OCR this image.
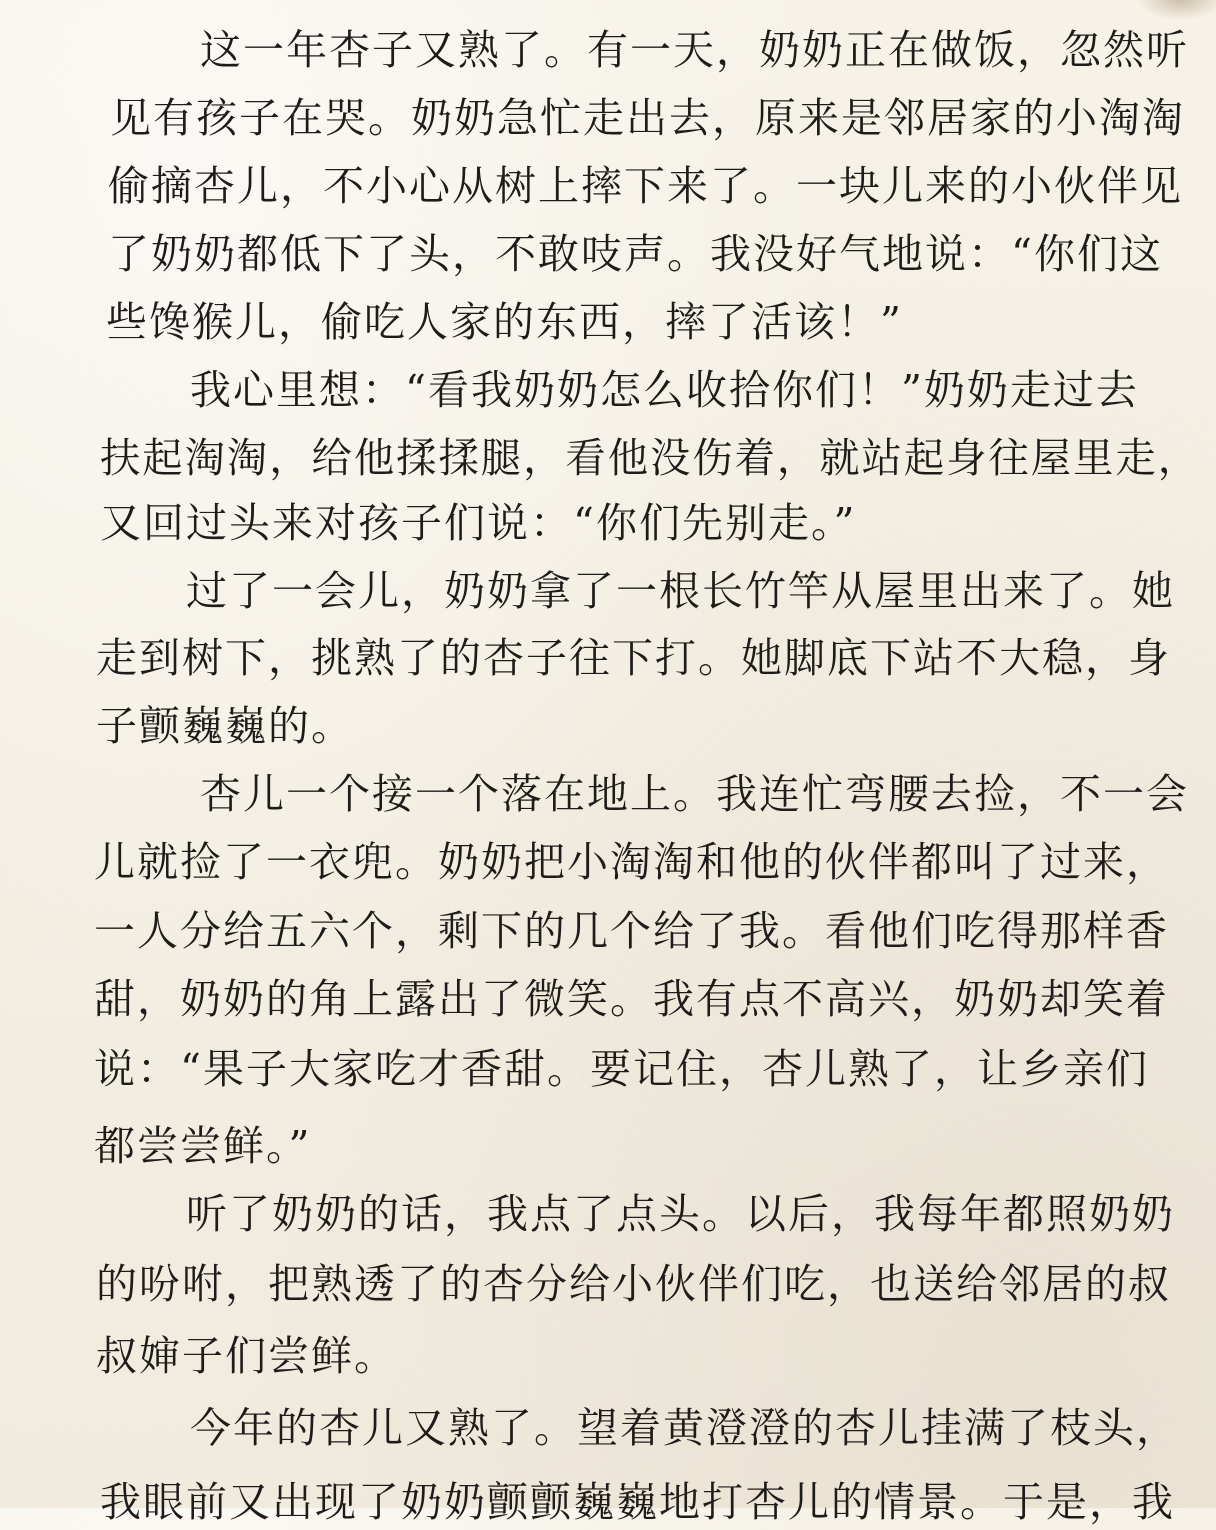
这一年杏子又熟了。有一天，奶奶正在做饭，忽然听
见有孩子在哭。奶奶急忙走出去，原来是邻居家的小淘淘
偷摘杏儿，不小心从树上摔下来了。一块儿来的小伙伴见
了奶奶都低下了头，不敢吱声。我没好气地说：“你们这
些馋猴儿，偷吃人家的东西，摔了活该！”
我心里想：“看我奶奶怎么收拾你们！”奶奶走过去
扶起淘淘，给他揉揉腿，看他没伤着，就站起身往屋里走，
又回过头来对孩子们说：“你们先别走。”
过了一会儿，奶奶拿了一根长竹竿从屋里出来了。她
走到树下，挑熟了的杏子往下打。她脚底下站不大稳，身
子颤巍巍的。
杏儿一个接一个落在地上。我连忙弯腰去捡，不一会
儿就捡了一衣兜。奶奶把小淘淘和他的伙伴都叫了过来，
一人分给五六个，剩下的几个给了我。看他们吃得那样香
甜，奶奶的角上露出了微笑。我有点不高兴，奶奶却笑着
说：“果子大家吃才香甜。要记住，杏儿熟了，让乡亲们
都尝尝鲜。”
听了奶奶的话，我点了点头。以后，我每年都照奶奶
的吩咐，把熟透了的杏分给小伙伴们吃，也送给邻居的叔
叔婶子们尝鲜。
今年的杏儿又熟了。望着黄澄澄的杏儿挂满了枝头，
我眼前又出现了奶奶颤颤巍巍地打杏儿的情景。于是，我
